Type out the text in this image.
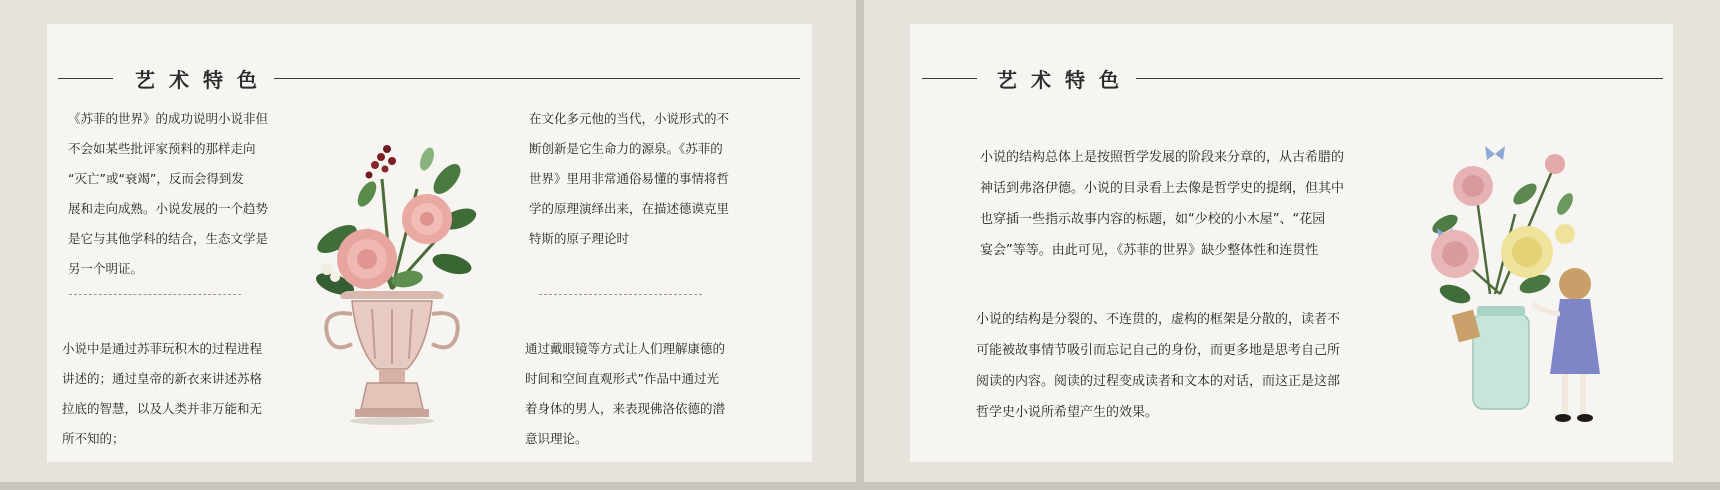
艺术特色
《苏菲的世界》的成功说明小说非但
不会如某些批评家预料的那样走向
“灭亡”或“衰竭”，反而会得到发
展和走向成熟。小说发展的一个趋势
是它与其他学科的结合，生态文学是
另一个明证。
小说中是通过苏菲玩积木的过程进程
讲述的；通过皇帝的新衣来讲述苏格
拉底的智慧，以及人类并非万能和无
所不知的；
在文化多元他的当代，小说形式的不
断创新是它生命力的源泉。《苏菲的
世界》里用非常通俗易懂的事情将哲
学的原理演绎出来，在描述德谟克里
特斯的原子理论时
通过戴眼镜等方式让人们理解康德的
时间和空间直观形式”作品中通过光
着身体的男人，来表现佛洛依德的潜
意识理论。
艺术特色
小说的结构总体上是按照哲学发展的阶段来分章的，从古希腊的
神话到弗洛伊德。小说的目录看上去像是哲学史的提纲，但其中
也穿插一些指示故事内容的标题，如“少校的小木屋”、“花园
宴会”等等。由此可见，《苏菲的世界》缺少整体性和连贯性
小说的结构是分裂的、不连贯的，虚构的框架是分散的，读者不
可能被故事情节吸引而忘记自己的身份，而更多地是思考自己所
阅读的内容。阅读的过程变成读者和文本的对话，而这正是这部
哲学史小说所希望产生的效果。
